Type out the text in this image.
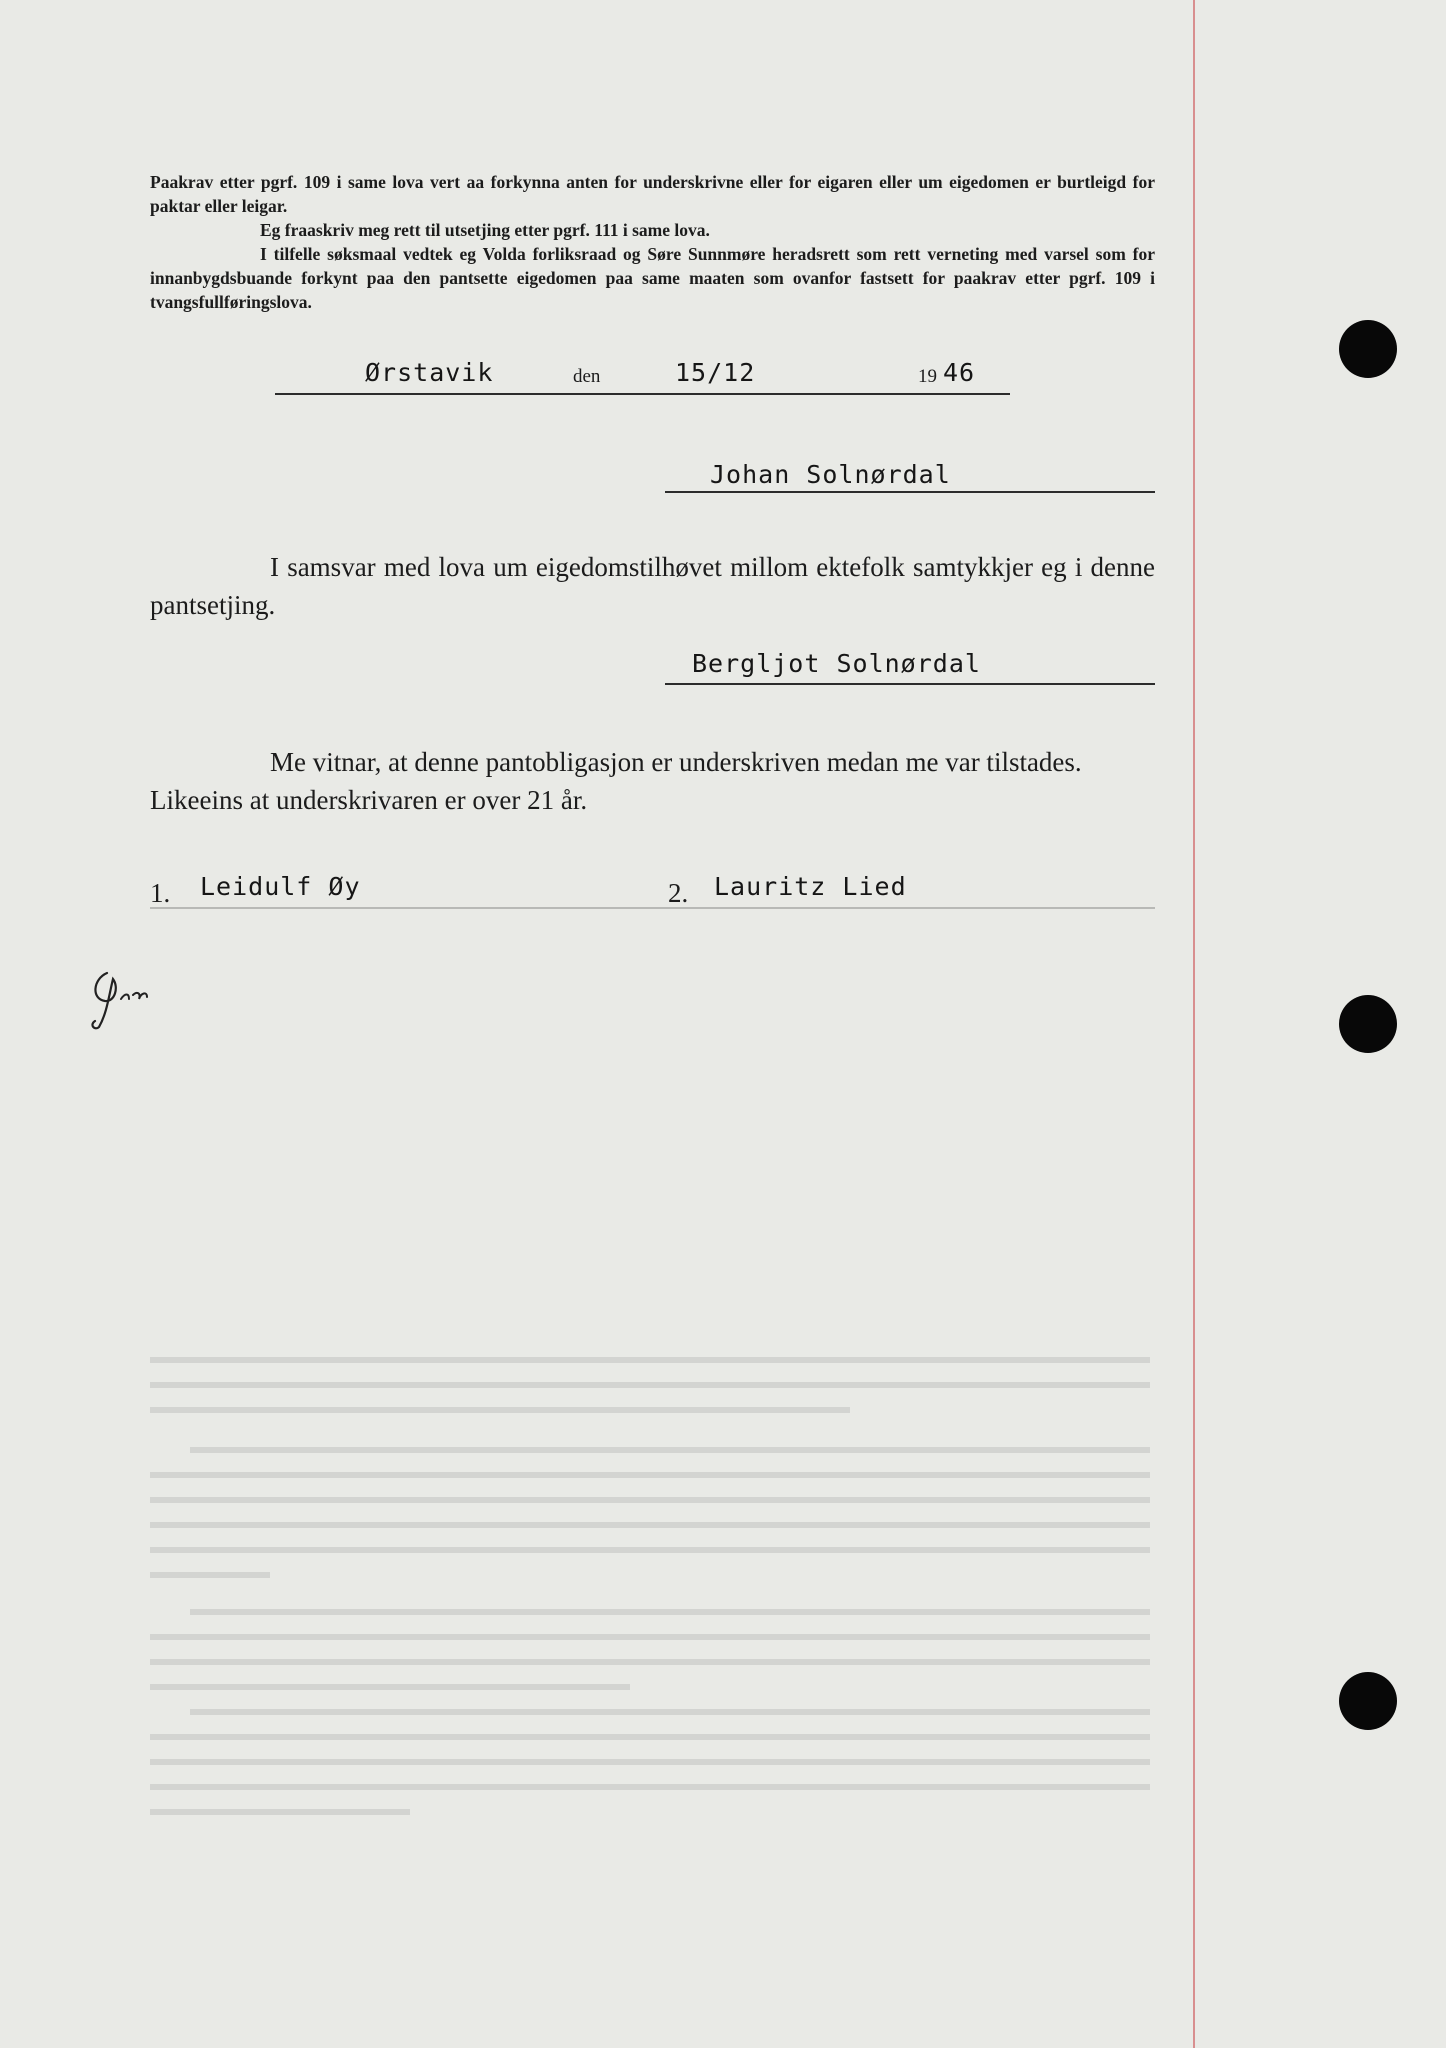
Paakrav etter pgrf. 109 i same lova vert aa forkynna anten for underskrivne eller for eigaren eller um eigedomen er burtleigd for paktar eller leigar.

Eg fraaskriv meg rett til utsetjing etter pgrf. 111 i same lova.

I tilfelle søksmaal vedtek eg Volda forliksraad og Søre Sunnmøre heradsrett som rett verneting med varsel som for innanbygdsbuande forkynt paa den pantsette eigedomen paa same maaten som ovanfor fastsett for paakrav etter pgrf. 109 i tvangsfullføringslova.

Ørstavik	den	15/12	19 46
Johan Solnørdal

I samsvar med lova um eigedomstilhøvet millom ektefolk samtykkjer eg i denne pantsetjing.

Bergljot Solnørdal

Me vitnar, at denne pantobligasjon er underskriven medan me var tilstades.

Likeeins at underskrivaren er over 21 år.

1. Leidulf Øy	2. Lauritz Lied
